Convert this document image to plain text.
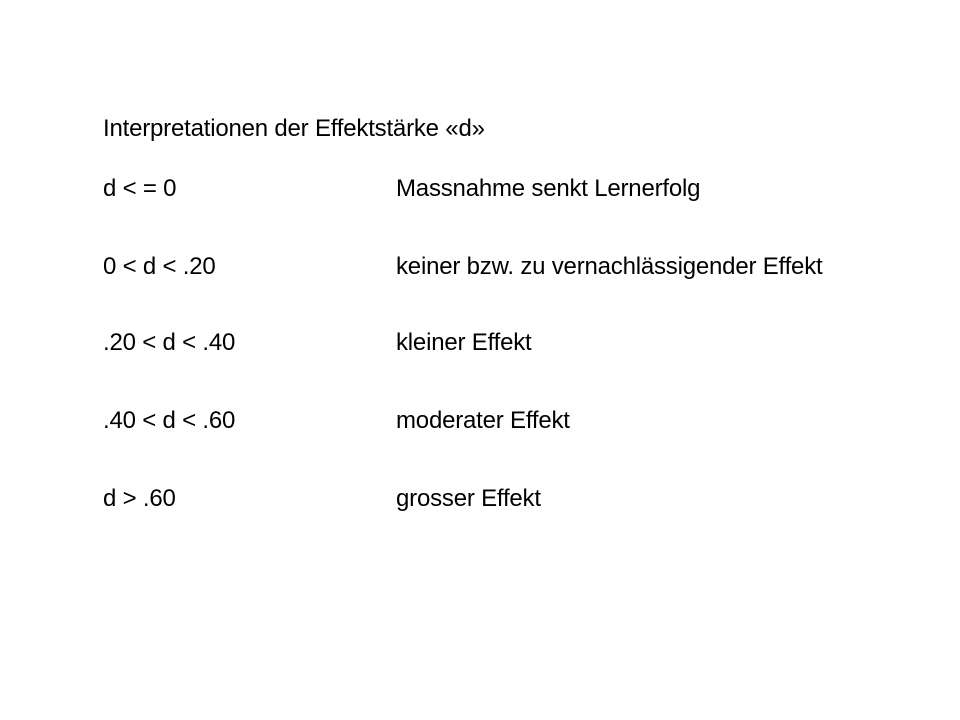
Interpretationen der Effektstärke «d»
d < = 0	Massnahme senkt Lernerfolg
0 < d < .20	keiner bzw. zu vernachlässigender Effekt
.20 < d < .40	kleiner Effekt
.40 < d < .60	moderater Effekt
d > .60	grosser Effekt
